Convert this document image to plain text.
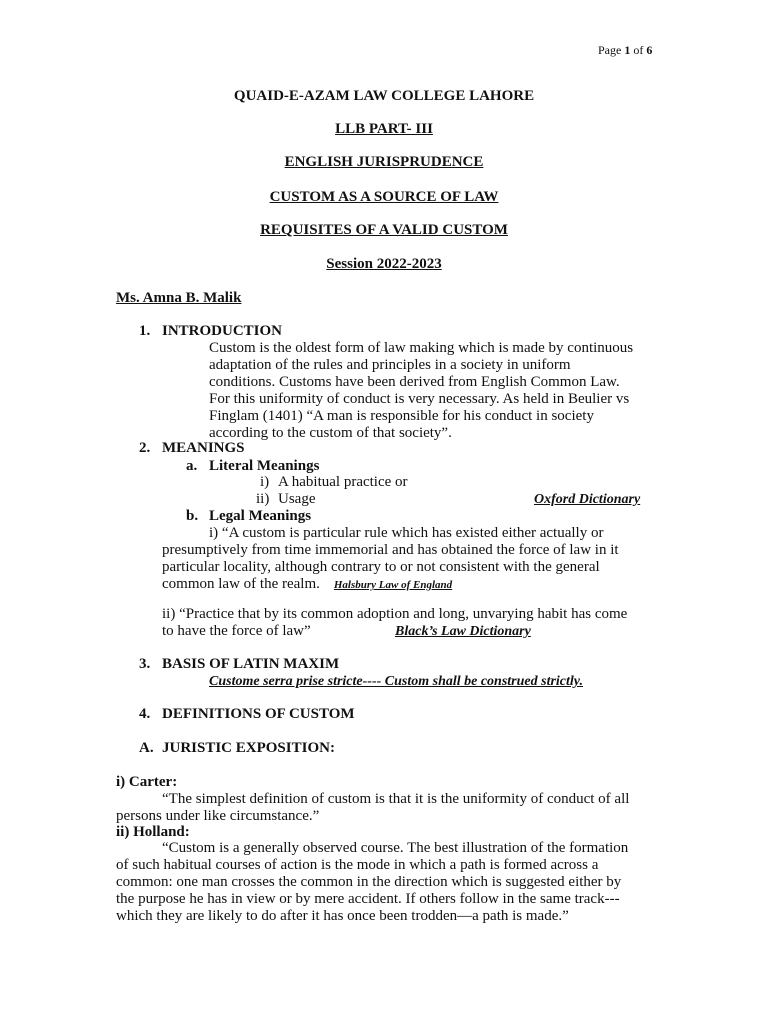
Page 1 of 6
QUAID-E-AZAM LAW COLLEGE LAHORE
LLB PART- III
ENGLISH JURISPRUDENCE
CUSTOM AS A SOURCE OF LAW
REQUISITES OF A VALID CUSTOM
Session 2022-2023
Ms. Amna B. Malik
1. INTRODUCTION
Custom is the oldest form of law making which is made by continuous
adaptation of the rules and principles in a society in uniform
conditions. Customs have been derived from English Common Law.
For this uniformity of conduct is very necessary. As held in Beulier vs
Finglam (1401) “A man is responsible for his conduct in society
according to the custom of that society”.
2. MEANINGS
a. Literal Meanings
i) A habitual practice or
ii) Usage	Oxford Dictionary
b. Legal Meanings
i) “A custom is particular rule which has existed either actually or
presumptively from time immemorial and has obtained the force of law in it
particular locality, although contrary to or not consistent with the general
common law of the realm. Halsbury Law of England
ii) “Practice that by its common adoption and long, unvarying habit has come
to have the force of law”	Black’s Law Dictionary
3. BASIS OF LATIN MAXIM
Custome serra prise stricte---- Custom shall be construed strictly.
4. DEFINITIONS OF CUSTOM
A. JURISTIC EXPOSITION:
i) Carter:
“The simplest definition of custom is that it is the uniformity of conduct of all
persons under like circumstance.”
ii) Holland:
“Custom is a generally observed course. The best illustration of the formation
of such habitual courses of action is the mode in which a path is formed across a
common: one man crosses the common in the direction which is suggested either by
the purpose he has in view or by mere accident. If others follow in the same track---
which they are likely to do after it has once been trodden—a path is made.”
